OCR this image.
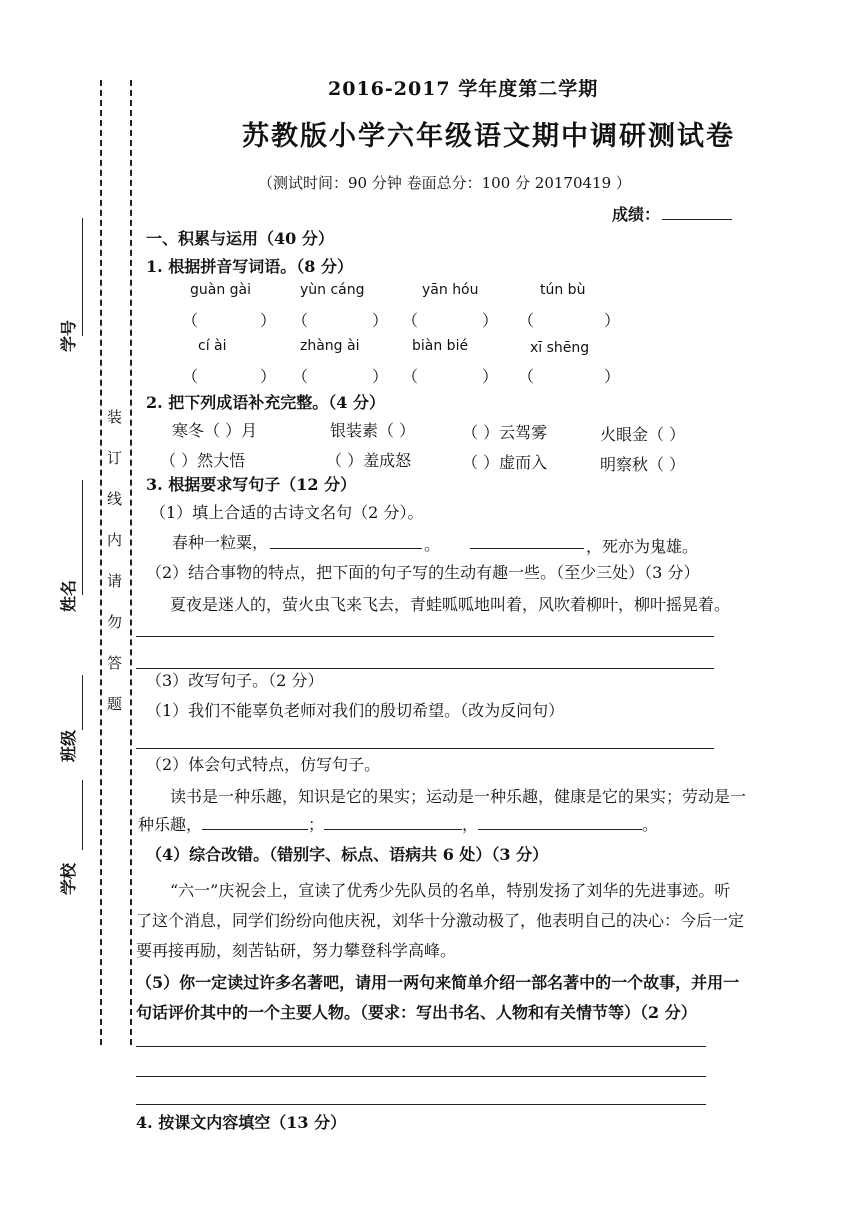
装
订
线
内
请
勿
答
题
学号
姓名
班级
学校
2016-2017 学年度第二学期
苏教版小学六年级语文期中调研测试卷
（测试时间：90 分钟 卷面总分：100 分 20170419 ）
成绩：
一、积累与运用（40 分）
1. 根据拼音写词语。（8 分）
guàn gài	yùn cáng	yān hóu	tún bù
（	） （	） （	） （	）
cí ài	zhàng ài	biàn bié	xī shēng
（	） （	） （	） （	）
2. 把下列成语补充完整。（4 分）
寒冬（ ）月	银装素（ ）	（ ）云驾雾	火眼金（ ）
（ ）然大悟	（ ）羞成怒	（ ）虚而入	明察秋（ ）
3. 根据要求写句子（12 分）
（1）填上合适的古诗文名句（2 分）。
春种一粒粟，	。	，死亦为鬼雄。
（2）结合事物的特点，把下面的句子写的生动有趣一些。（至少三处）（3 分）
夏夜是迷人的，萤火虫飞来飞去，青蛙呱呱地叫着，风吹着柳叶，柳叶摇晃着。
（3）改写句子。（2 分）
（1）我们不能辜负老师对我们的殷切希望。（改为反问句）
（2）体会句式特点，仿写句子。
读书是一种乐趣，知识是它的果实；运动是一种乐趣，健康是它的果实；劳动是一
种乐趣，	；	，	。
（4）综合改错。（错别字、标点、语病共 6 处）（3 分）
“六一”庆祝会上，宣读了优秀少先队员的名单，特别发扬了刘华的先进事迹。听
了这个消息，同学们纷纷向他庆祝，刘华十分激动极了，他表明自己的决心：今后一定
要再接再励，刻苦钻研，努力攀登科学高峰。
（5）你一定读过许多名著吧，请用一两句来简单介绍一部名著中的一个故事，并用一
句话评价其中的一个主要人物。（要求：写出书名、人物和有关情节等）（2 分）
4. 按课文内容填空（13 分）
